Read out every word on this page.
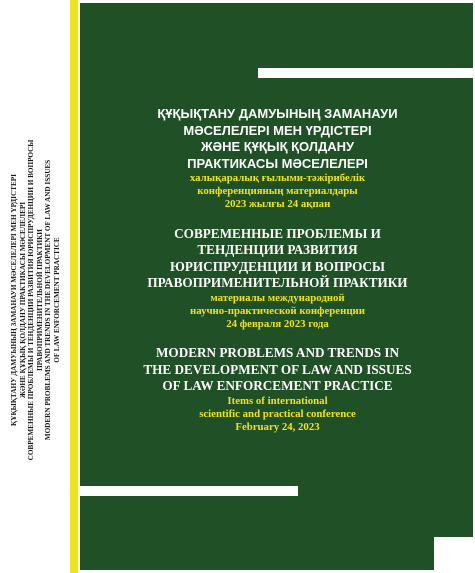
ҚҰҚЫҚТАНУ ДАМУЫНЫҢ ЗАМАНАУИ МӘСЕЛЕЛЕРІ МЕН ҮРДІСТЕРІ ЖӘНЕ ҚҰҚЫҚ ҚОЛДАНУ ПРАКТИКАСЫ МӘСЕЛЕЛЕРІ СОВРЕМЕННЫЕ ПРОБЛЕМЫ И ТЕНДЕНЦИИ РАЗВИТИЯ ЮРИСПРУДЕНЦИИ И ВОПРОСЫ ПРАВОПРИМЕНИТЕЛЬНОЙ ПРАКТИКИ MODERN PROBLEMS AND TRENDS IN THE DEVELOPMENT OF LAW AND ISSUES OF LAW ENFORCEMENT PRACTICE
ҚҰҚЫҚТАНУ ДАМУЫНЫҢ ЗАМАНАУИ
МӘСЕЛЕЛЕРІ МЕН ҮРДІСТЕРІ
ЖӘНЕ ҚҰҚЫҚ ҚОЛДАНУ
ПРАКТИКАСЫ МӘСЕЛЕЛЕРІ
халықаралық ғылыми-тәжірибелік
конференцияның материалдары
2023 жылғы 24 ақпан
СОВРЕМЕННЫЕ ПРОБЛЕМЫ И
ТЕНДЕНЦИИ РАЗВИТИЯ
ЮРИСПРУДЕНЦИИ И ВОПРОСЫ
ПРАВОПРИМЕНИТЕЛЬНОЙ ПРАКТИКИ
материалы международной
научно-практической конференции
24 февраля 2023 года
MODERN PROBLEMS AND TRENDS IN
THE DEVELOPMENT OF LAW AND ISSUES
OF LAW ENFORCEMENT PRACTICE
Items of international
scientific and practical conference
February 24, 2023
